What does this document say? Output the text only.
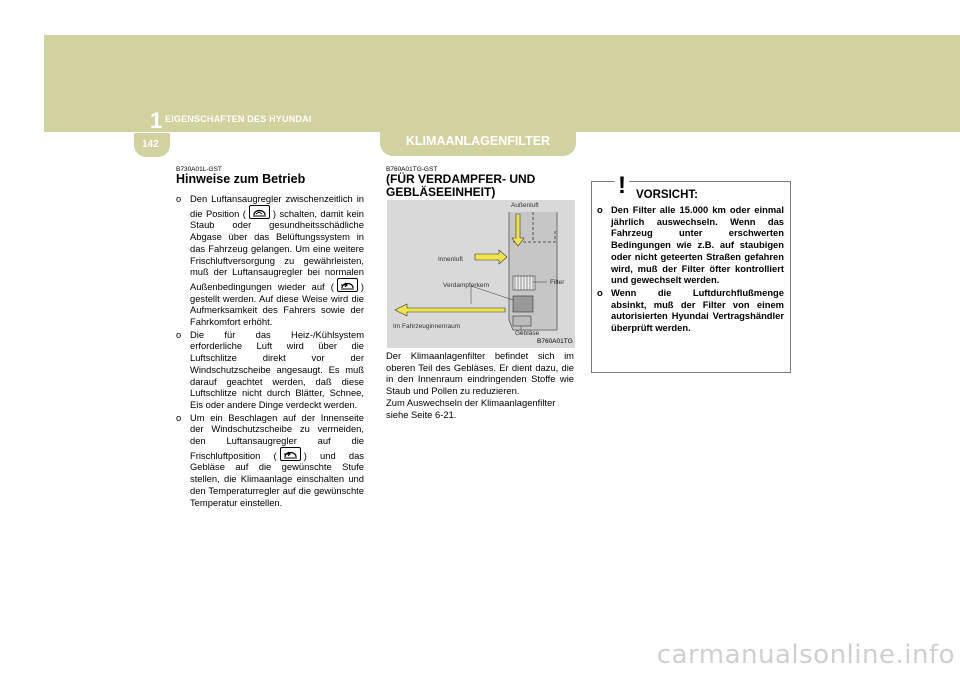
1 EIGENSCHAFTEN DES HYUNDAI
142	KLIMAANLAGENFILTER
B730A01L-GST
Hinweise zum Betrieb
o Den Luftansaugregler zwischenzeitlich in die Position (	) schalten, damit kein Staub oder gesundheitsschädliche Abgase über das Belüftungssystem in das Fahrzeug gelangen. Um eine weitere Frischluftversorgung zu gewährleisten, muß der Luftansaugregler bei normalen Außenbedingungen wieder auf (	) gestellt werden. Auf diese Weise wird die Aufmerksamkeit des Fahrers sowie der Fahrkomfort erhöht.
o Die für das Heiz-/Kühlsystem erforderliche Luft wird über die Luftschlitze direkt vor der Windschutzscheibe angesaugt. Es muß darauf geachtet werden, daß diese Luftschlitze nicht durch Blätter, Schnee, Eis oder andere Dinge verdeckt werden.
o Um ein Beschlagen auf der Innenseite der Windschutzscheibe zu vermeiden, den Luftansaugregler auf die Frischluftposition (	) und das Gebläse auf die gewünschte Stufe stellen, die Klimaanlage einschalten und den Temperaturregler auf die gewünschte Temperatur einstellen.
B760A01TG-GST
(FÜR VERDAMPFER- UND
GEBLÄSEEINHEIT)
Außenluft
Innenluft
Filter
Verdampferkern
Im Fahrzeuginnenraum
Gebläse
B760A01TG
Der Klimaanlagenfilter befindet sich im oberen Teil des Gebläses. Er dient dazu, die in den Innenraum eindringenden Stoffe wie Staub und Pollen zu reduzieren.
Zum Auswechseln der Klimaanlagenfilter siehe Seite 6-21.
! VORSICHT:
o Den Filter alle 15.000 km oder einmal jährlich auswechseln. Wenn das Fahrzeug unter erschwerten Bedingungen wie z.B. auf staubigen oder nicht geteerten Straßen gefahren wird, muß der Filter öfter kontrolliert und gewechselt werden.
o Wenn die Luftdurchflußmenge absinkt, muß der Filter von einem autorisierten Hyundai Vertragshändler überprüft werden.
carmanualsonline.info
